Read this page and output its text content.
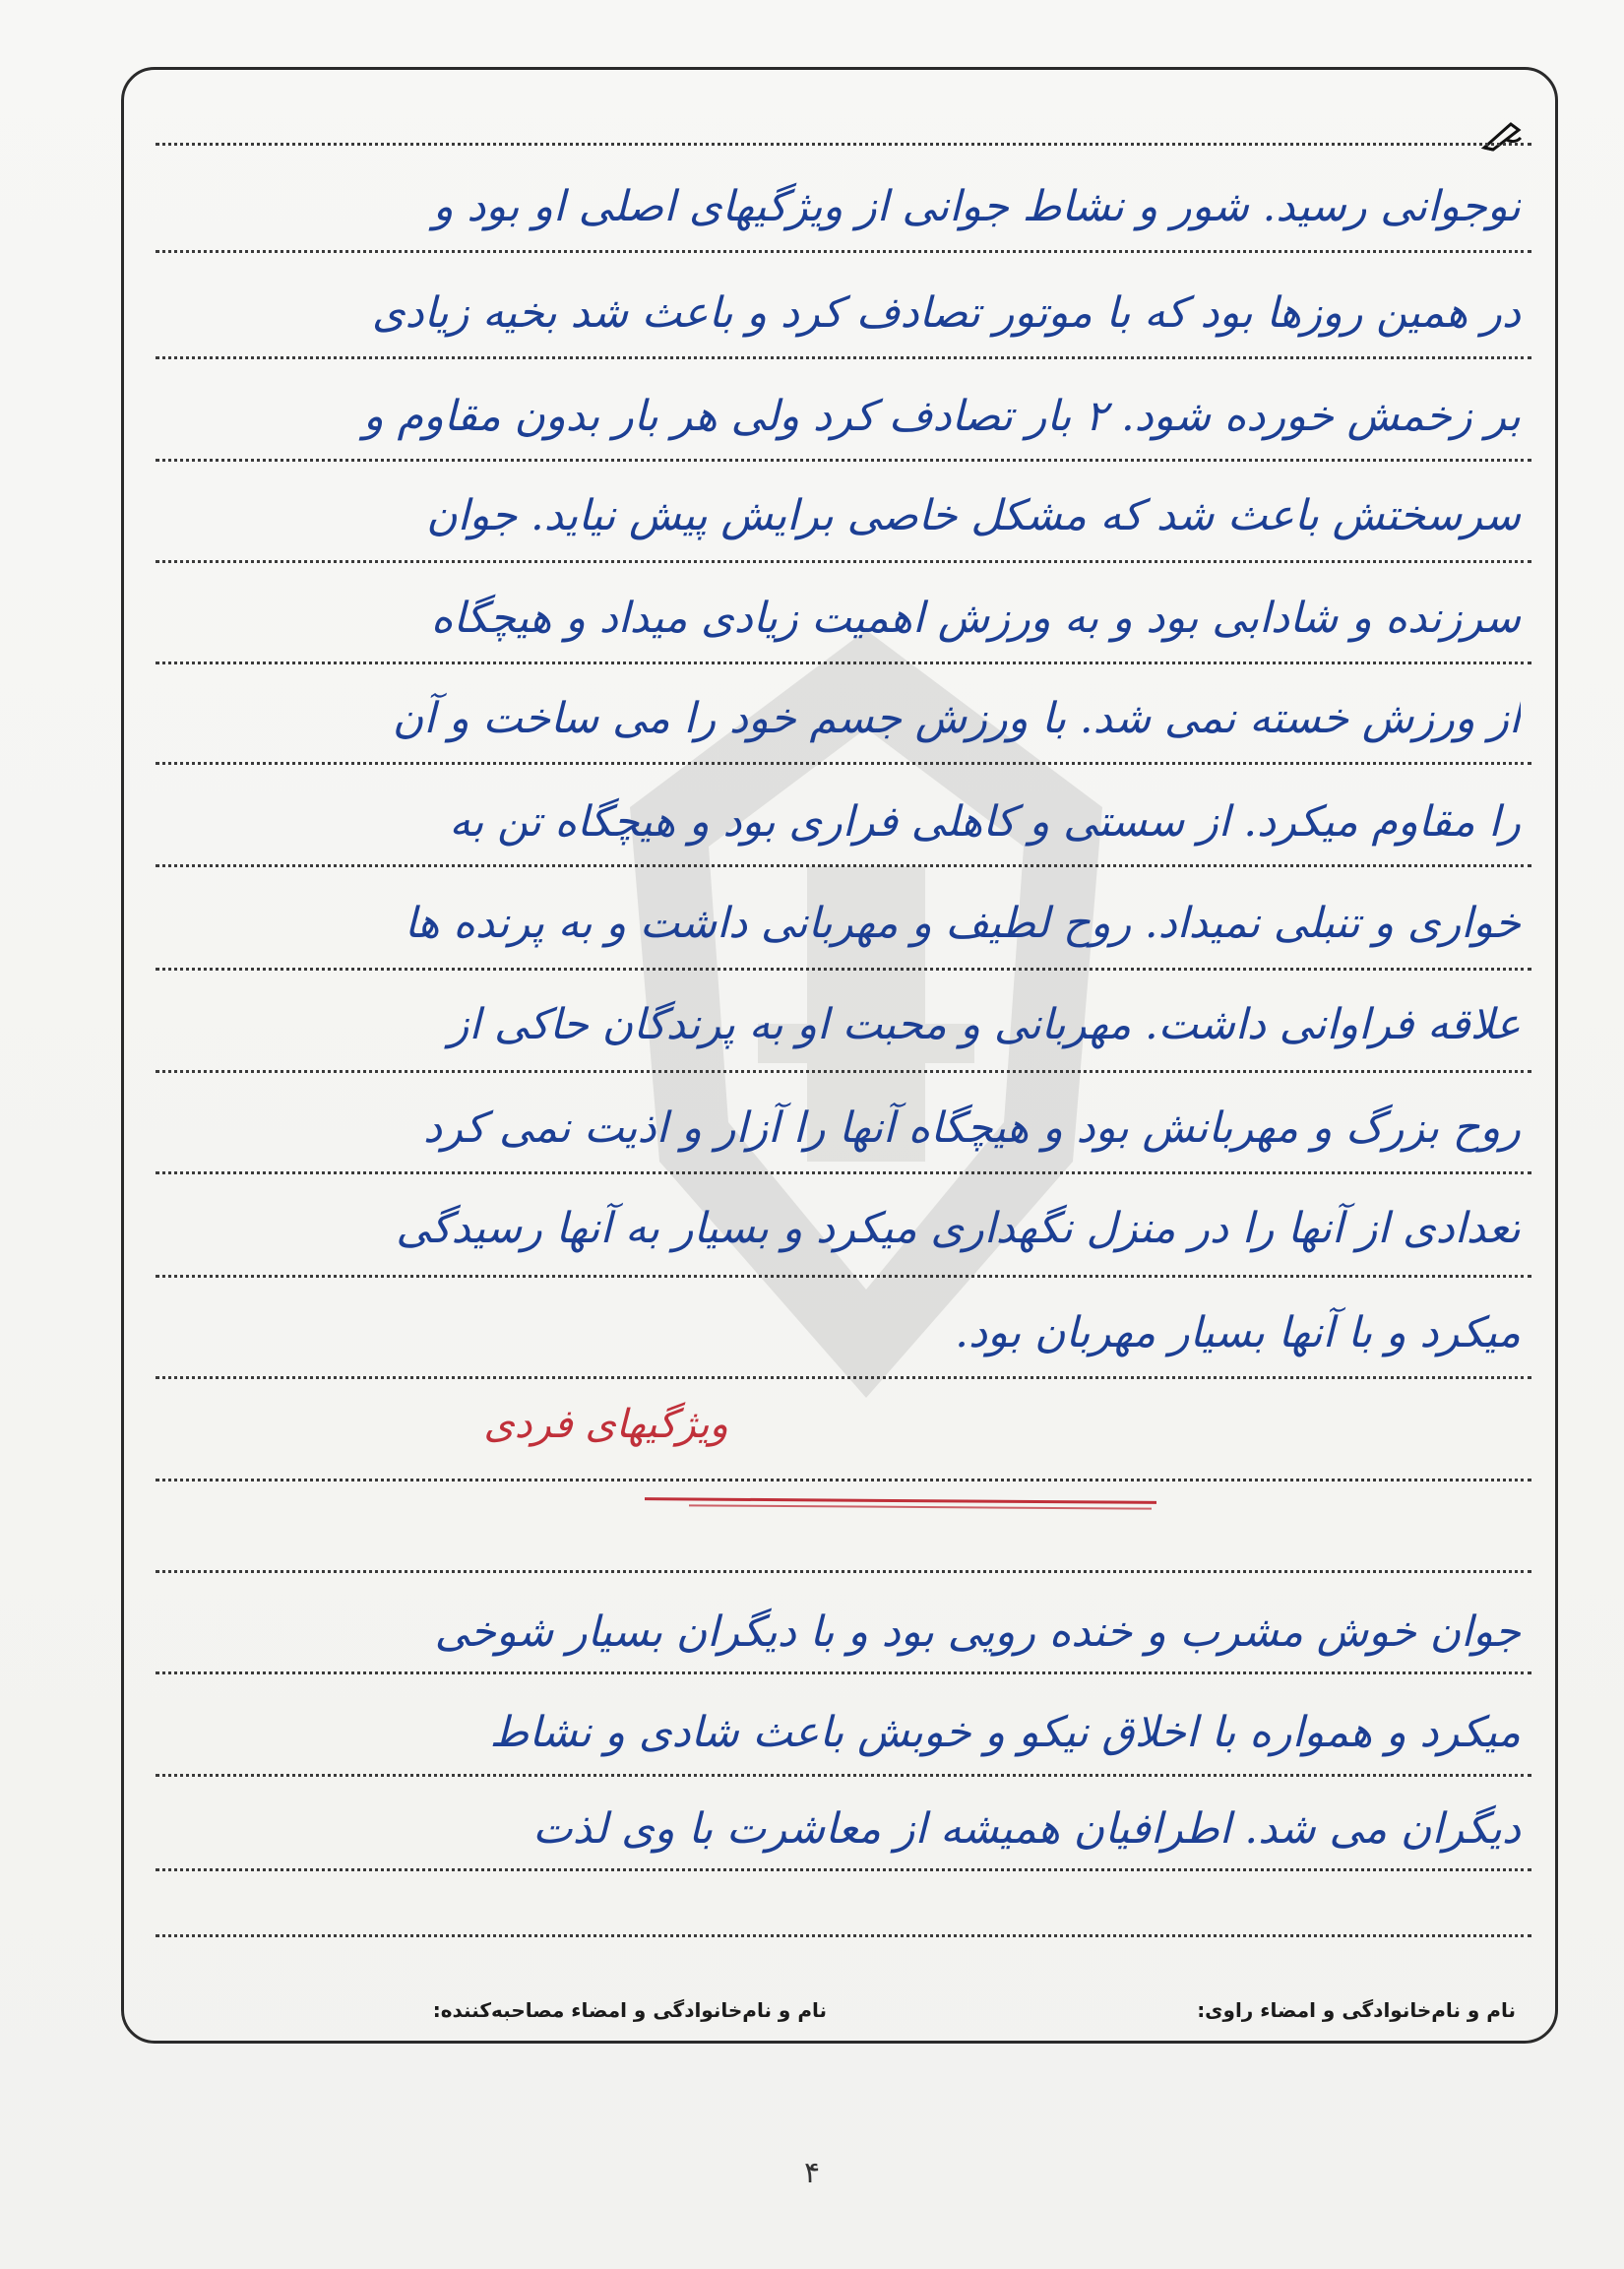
نوجوانی رسید. شور و نشاط جوانی از ویژگیهای اصلی او بود و
در همین روزها بود که با موتور تصادف کرد و باعث شد بخیه زیادی
بر زخمش خورده شود. ۲ بار تصادف کرد ولی هر بار بدون مقاوم و
سرسختش باعث شد که مشکل خاصی برایش پیش نیاید. جوان
سرزنده و شادابی بود و به ورزش اهمیت زیادی میداد و هیچگاه
از ورزش خسته نمی شد. با ورزش جسم خود را می ساخت و آن
را مقاوم میکرد. از سستی و کاهلی فراری بود و هیچگاه تن به
خواری و تنبلی نمیداد. روح لطیف و مهربانی داشت و به پرنده ها
علاقه فراوانی داشت. مهربانی و محبت او به پرندگان حاکی از
روح بزرگ و مهربانش بود و هیچگاه آنها را آزار و اذیت نمی کرد
تعدادی از آنها را در منزل نگهداری میکرد و بسیار به آنها رسیدگی
میکرد و با آنها بسیار مهربان بود.
ویژگیهای فردی
جوان خوش مشرب و خنده رویی بود و با دیگران بسیار شوخی
میکرد و همواره با اخلاق نیکو و خوبش باعث شادی و نشاط
دیگران می شد. اطرافیان همیشه از معاشرت با وی لذت
نام و نام‌خانوادگی و امضاء راوی:
نام و نام‌خانوادگی و امضاء مصاحبه‌کننده:
۴
